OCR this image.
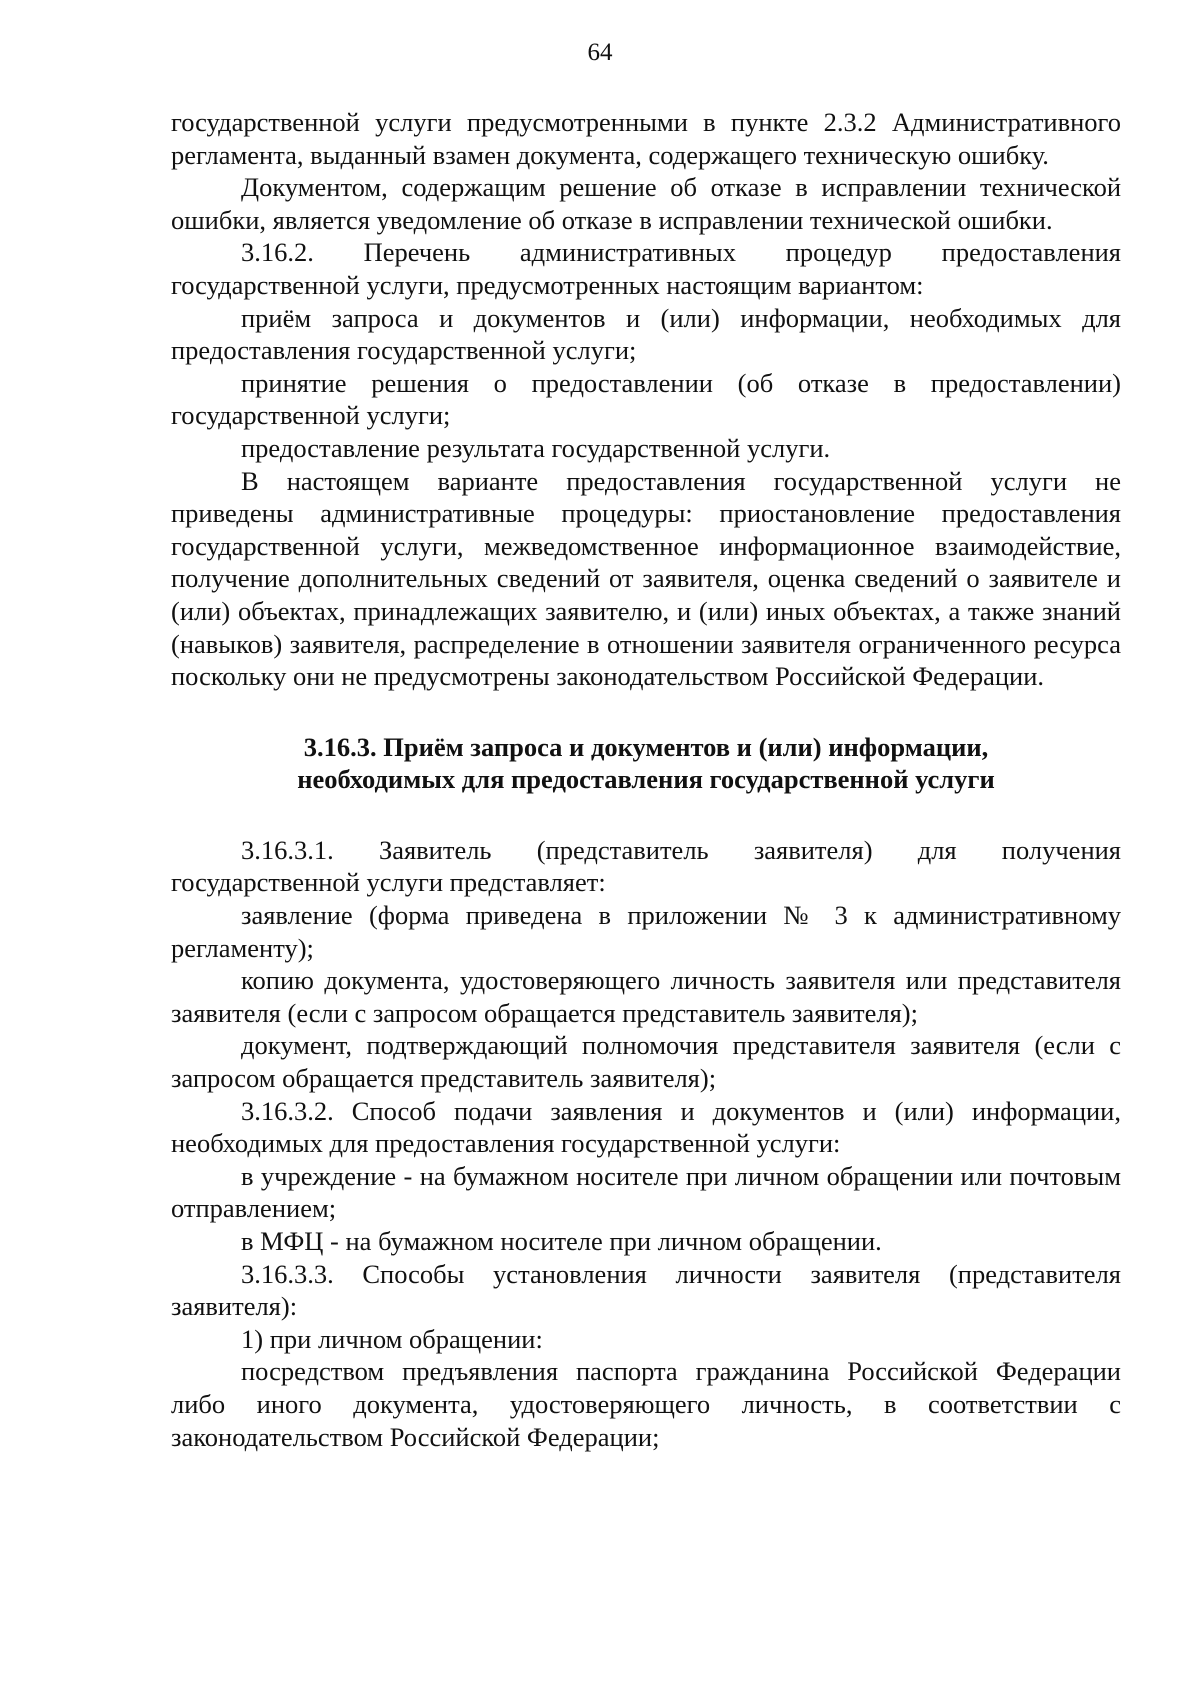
64

государственной услуги предусмотренными в пункте 2.3.2 Административного регламента, выданный взамен документа, содержащего техническую ошибку.

Документом, содержащим решение об отказе в исправлении технической ошибки, является уведомление об отказе в исправлении технической ошибки.

3.16.2. Перечень административных процедур предоставления государственной услуги, предусмотренных настоящим вариантом:

приём запроса и документов и (или) информации, необходимых для предоставления государственной услуги;

принятие решения о предоставлении (об отказе в предоставлении) государственной услуги;

предоставление результата государственной услуги.

В настоящем варианте предоставления государственной услуги не приведены административные процедуры: приостановление предоставления государственной услуги, межведомственное информационное взаимодействие, получение дополнительных сведений от заявителя, оценка сведений о заявителе и (или) объектах, принадлежащих заявителю, и (или) иных объектах, а также знаний (навыков) заявителя, распределение в отношении заявителя ограниченного ресурса поскольку они не предусмотрены законодательством Российской Федерации.

3.16.3. Приём запроса и документов и (или) информации,
необходимых для предоставления государственной услуги

3.16.3.1. Заявитель (представитель заявителя) для получения государственной услуги представляет:

заявление (форма приведена в приложении № 3 к административному регламенту);

копию документа, удостоверяющего личность заявителя или представителя заявителя (если с запросом обращается представитель заявителя);

документ, подтверждающий полномочия представителя заявителя (если с запросом обращается представитель заявителя);

3.16.3.2. Способ подачи заявления и документов и (или) информации, необходимых для предоставления государственной услуги:

в учреждение - на бумажном носителе при личном обращении или почтовым отправлением;

в МФЦ - на бумажном носителе при личном обращении.

3.16.3.3. Способы установления личности заявителя (представителя заявителя):

1) при личном обращении:

посредством предъявления паспорта гражданина Российской Федерации либо иного документа, удостоверяющего личность, в соответствии с законодательством Российской Федерации;
